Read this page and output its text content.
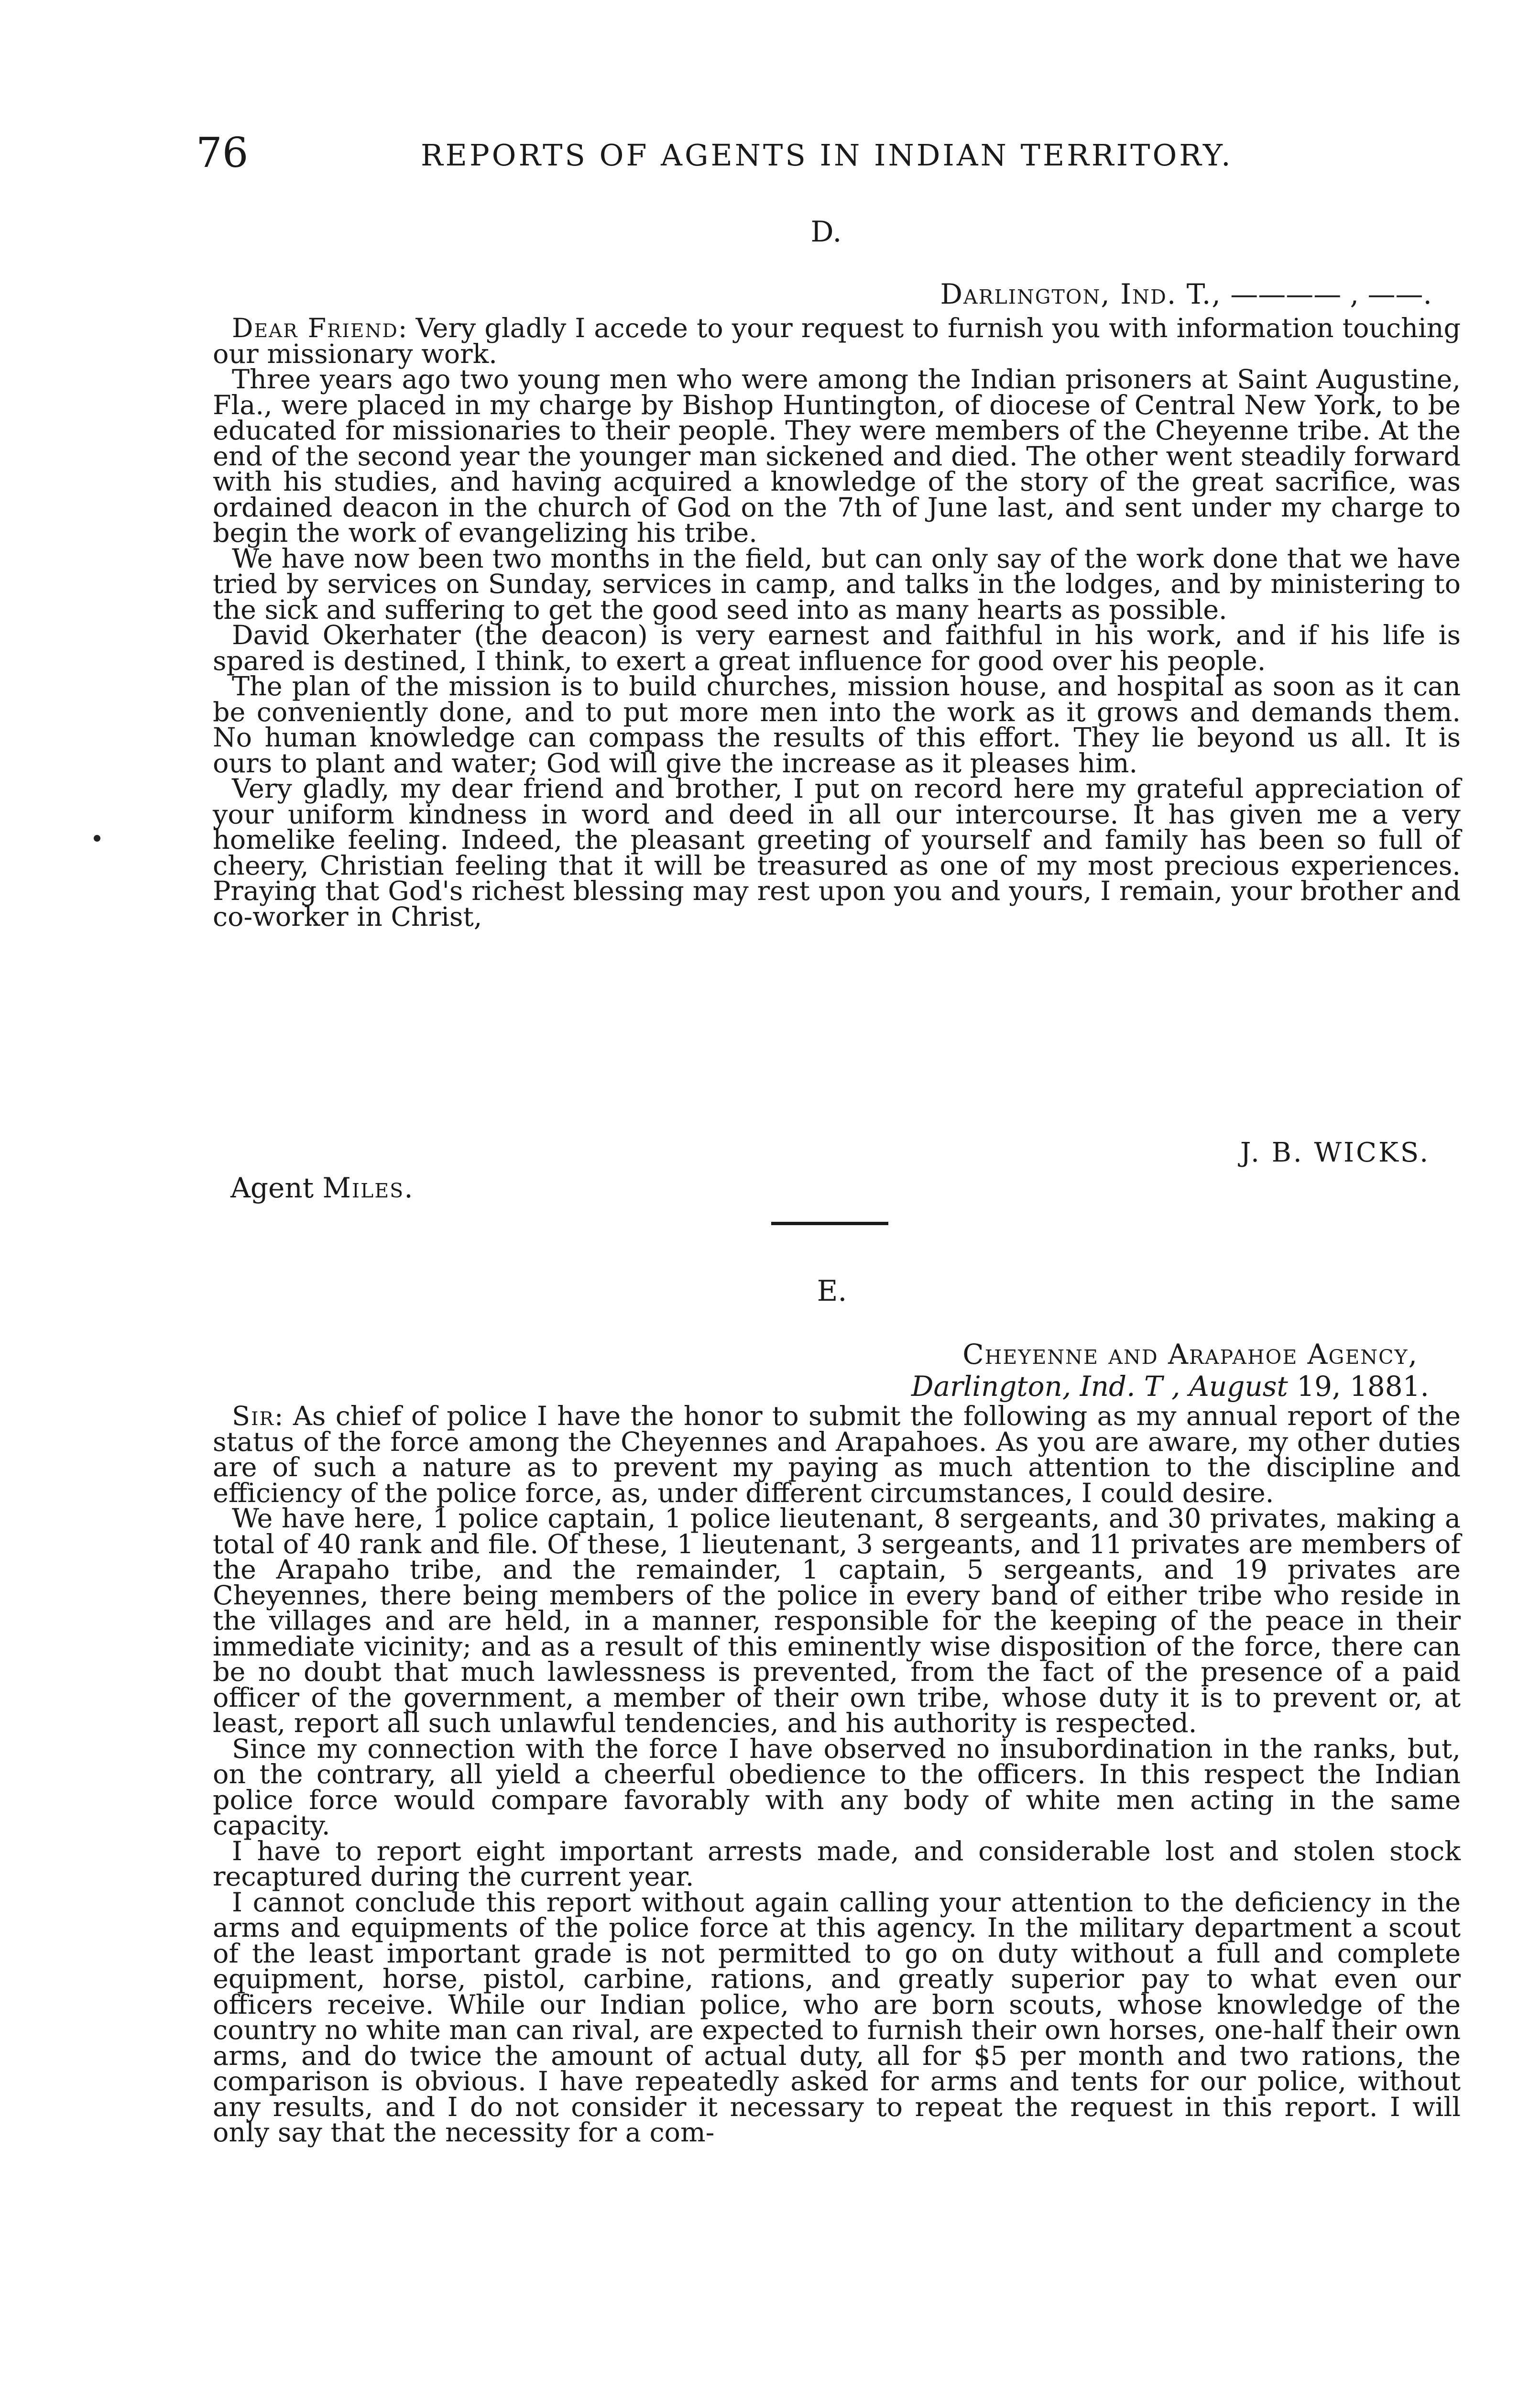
76	REPORTS OF AGENTS IN INDIAN TERRITORY.
D.
Darlington, Ind. T., ———— , ——.

Dear Friend: Very gladly I accede to your request to furnish you with information touching our missionary work.

Three years ago two young men who were among the Indian prisoners at Saint Augustine, Fla., were placed in my charge by Bishop Huntington, of diocese of Central New York, to be educated for missionaries to their people. They were members of the Cheyenne tribe. At the end of the second year the younger man sickened and died. The other went steadily forward with his studies, and having acquired a knowledge of the story of the great sacrifice, was ordained deacon in the church of God on the 7th of June last, and sent under my charge to begin the work of evangelizing his tribe.

We have now been two months in the field, but can only say of the work done that we have tried by services on Sunday, services in camp, and talks in the lodges, and by ministering to the sick and suffering to get the good seed into as many hearts as possible.

David Okerhater (the deacon) is very earnest and faithful in his work, and if his life is spared is destined, I think, to exert a great influence for good over his people.

The plan of the mission is to build churches, mission house, and hospital as soon as it can be conveniently done, and to put more men into the work as it grows and demands them. No human knowledge can compass the results of this effort. They lie beyond us all. It is ours to plant and water; God will give the increase as it pleases him.

Very gladly, my dear friend and brother, I put on record here my grateful appreciation of your uniform kindness in word and deed in all our intercourse. It has given me a very homelike feeling. Indeed, the pleasant greeting of yourself and family has been so full of cheery, Christian feeling that it will be treasured as one of my most precious experiences. Praying that God's richest blessing may rest upon you and yours, I remain, your brother and co-worker in Christ,

J. B. WICKS.
Agent Miles.
E.
Cheyenne and Arapahoe Agency,
Darlington, Ind. T , August 19, 1881.

Sir: As chief of police I have the honor to submit the following as my annual report of the status of the force among the Cheyennes and Arapahoes. As you are aware, my other duties are of such a nature as to prevent my paying as much attention to the discipline and efficiency of the police force, as, under different circumstances, I could desire.

We have here, 1 police captain, 1 police lieutenant, 8 sergeants, and 30 privates, making a total of 40 rank and file. Of these, 1 lieutenant, 3 sergeants, and 11 privates are members of the Arapaho tribe, and the remainder, 1 captain, 5 sergeants, and 19 privates are Cheyennes, there being members of the police in every band of either tribe who reside in the villages and are held, in a manner, responsible for the keeping of the peace in their immediate vicinity; and as a result of this eminently wise disposition of the force, there can be no doubt that much lawlessness is prevented, from the fact of the presence of a paid officer of the government, a member of their own tribe, whose duty it is to prevent or, at least, report all such unlawful tendencies, and his authority is respected.

Since my connection with the force I have observed no insubordination in the ranks, but, on the contrary, all yield a cheerful obedience to the officers. In this respect the Indian police force would compare favorably with any body of white men acting in the same capacity.

I have to report eight important arrests made, and considerable lost and stolen stock recaptured during the current year.

I cannot conclude this report without again calling your attention to the deficiency in the arms and equipments of the police force at this agency. In the military department a scout of the least important grade is not permitted to go on duty without a full and complete equipment, horse, pistol, carbine, rations, and greatly superior pay to what even our officers receive. While our Indian police, who are born scouts, whose knowledge of the country no white man can rival, are expected to furnish their own horses, one-half their own arms, and do twice the amount of actual duty, all for $5 per month and two rations, the comparison is obvious. I have repeatedly asked for arms and tents for our police, without any results, and I do not consider it necessary to repeat the request in this report. I will only say that the necessity for a com-
